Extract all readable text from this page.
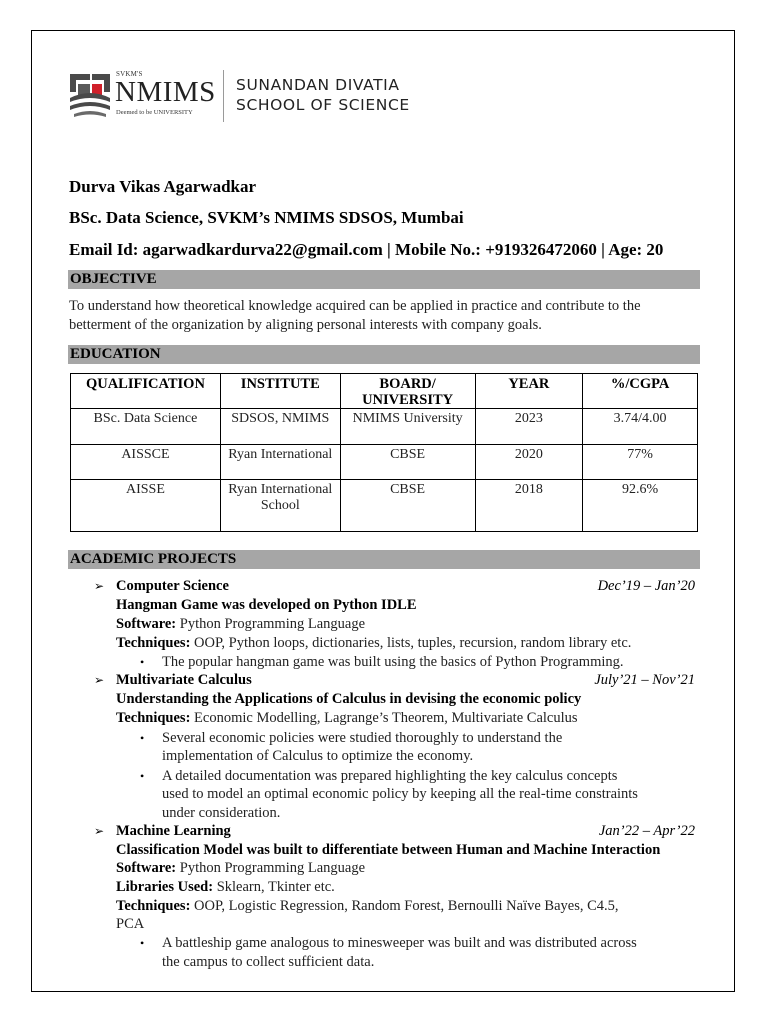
SVKM'S
NMIMS
Deemed to be UNIVERSITY
SUNANDAN DIVATIA
SCHOOL OF SCIENCE
Durva Vikas Agarwadkar
BSc. Data Science, SVKM’s NMIMS SDSOS, Mumbai
Email Id: agarwadkardurva22@gmail.com | Mobile No.: +919326472060 | Age: 20
OBJECTIVE
To understand how theoretical knowledge acquired can be applied in practice and contribute to the betterment of the organization by aligning personal interests with company goals.
EDUCATION
QUALIFICATION	INSTITUTE	BOARD/ UNIVERSITY	YEAR	%/CGPA
BSc. Data Science	SDSOS, NMIMS	NMIMS University	2023	3.74/4.00
AISSCE	Ryan International	CBSE	2020	77%
AISSE	Ryan International School	CBSE	2018	92.6%
ACADEMIC PROJECTS
➢ Computer Science	Dec’19 – Jan’20
Hangman Game was developed on Python IDLE
Software: Python Programming Language
Techniques: OOP, Python loops, dictionaries, lists, tuples, recursion, random library etc.
• The popular hangman game was built using the basics of Python Programming.
➢ Multivariate Calculus	July’21 – Nov’21
Understanding the Applications of Calculus in devising the economic policy
Techniques: Economic Modelling, Lagrange’s Theorem, Multivariate Calculus
• Several economic policies were studied thoroughly to understand the
implementation of Calculus to optimize the economy.
• A detailed documentation was prepared highlighting the key calculus concepts
used to model an optimal economic policy by keeping all the real-time constraints
under consideration.
➢ Machine Learning	Jan’22 – Apr’22
Classification Model was built to differentiate between Human and Machine Interaction
Software: Python Programming Language
Libraries Used: Sklearn, Tkinter etc.
Techniques: OOP, Logistic Regression, Random Forest, Bernoulli Naïve Bayes, C4.5,
PCA
• A battleship game analogous to minesweeper was built and was distributed across
the campus to collect sufficient data.
